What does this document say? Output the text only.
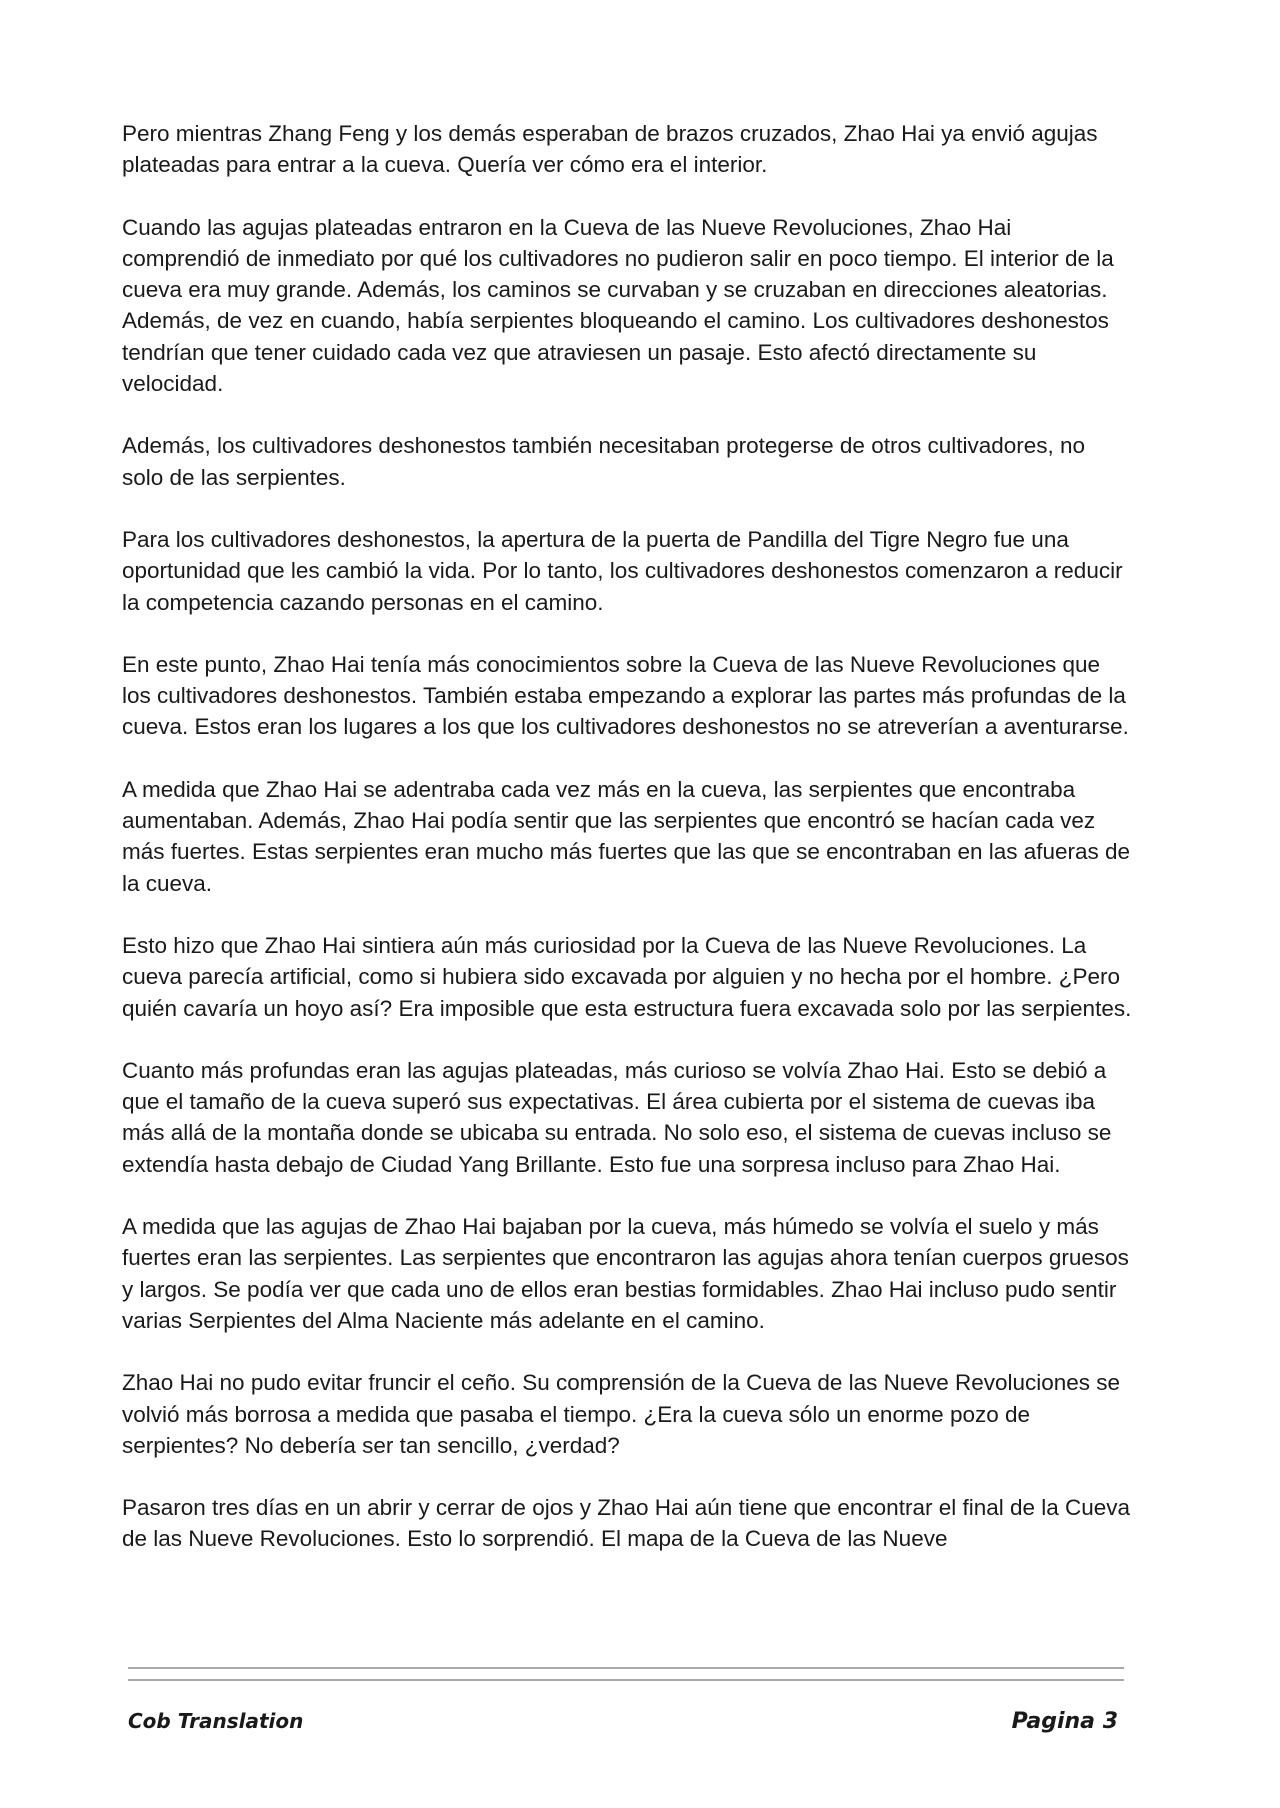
Pero mientras Zhang Feng y los demás esperaban de brazos cruzados, Zhao Hai ya envió agujas plateadas para entrar a la cueva. Quería ver cómo era el interior.

Cuando las agujas plateadas entraron en la Cueva de las Nueve Revoluciones, Zhao Hai comprendió de inmediato por qué los cultivadores no pudieron salir en poco tiempo. El interior de la cueva era muy grande. Además, los caminos se curvaban y se cruzaban en direcciones aleatorias. Además, de vez en cuando, había serpientes bloqueando el camino. Los cultivadores deshonestos tendrían que tener cuidado cada vez que atraviesen un pasaje. Esto afectó directamente su velocidad.

Además, los cultivadores deshonestos también necesitaban protegerse de otros cultivadores, no solo de las serpientes.

Para los cultivadores deshonestos, la apertura de la puerta de Pandilla del Tigre Negro fue una oportunidad que les cambió la vida. Por lo tanto, los cultivadores deshonestos comenzaron a reducir la competencia cazando personas en el camino.

En este punto, Zhao Hai tenía más conocimientos sobre la Cueva de las Nueve Revoluciones que los cultivadores deshonestos. También estaba empezando a explorar las partes más profundas de la cueva. Estos eran los lugares a los que los cultivadores deshonestos no se atreverían a aventurarse.

A medida que Zhao Hai se adentraba cada vez más en la cueva, las serpientes que encontraba aumentaban. Además, Zhao Hai podía sentir que las serpientes que encontró se hacían cada vez más fuertes. Estas serpientes eran mucho más fuertes que las que se encontraban en las afueras de la cueva.

Esto hizo que Zhao Hai sintiera aún más curiosidad por la Cueva de las Nueve Revoluciones. La cueva parecía artificial, como si hubiera sido excavada por alguien y no hecha por el hombre. ¿Pero quién cavaría un hoyo así? Era imposible que esta estructura fuera excavada solo por las serpientes.

Cuanto más profundas eran las agujas plateadas, más curioso se volvía Zhao Hai. Esto se debió a que el tamaño de la cueva superó sus expectativas. El área cubierta por el sistema de cuevas iba más allá de la montaña donde se ubicaba su entrada. No solo eso, el sistema de cuevas incluso se extendía hasta debajo de Ciudad Yang Brillante. Esto fue una sorpresa incluso para Zhao Hai.

A medida que las agujas de Zhao Hai bajaban por la cueva, más húmedo se volvía el suelo y más fuertes eran las serpientes. Las serpientes que encontraron las agujas ahora tenían cuerpos gruesos y largos. Se podía ver que cada uno de ellos eran bestias formidables. Zhao Hai incluso pudo sentir varias Serpientes del Alma Naciente más adelante en el camino.

Zhao Hai no pudo evitar fruncir el ceño. Su comprensión de la Cueva de las Nueve Revoluciones se volvió más borrosa a medida que pasaba el tiempo. ¿Era la cueva sólo un enorme pozo de serpientes? No debería ser tan sencillo, ¿verdad?

Pasaron tres días en un abrir y cerrar de ojos y Zhao Hai aún tiene que encontrar el final de la Cueva de las Nueve Revoluciones. Esto lo sorprendió. El mapa de la Cueva de las Nueve

Cob Translation	Pagina 3
